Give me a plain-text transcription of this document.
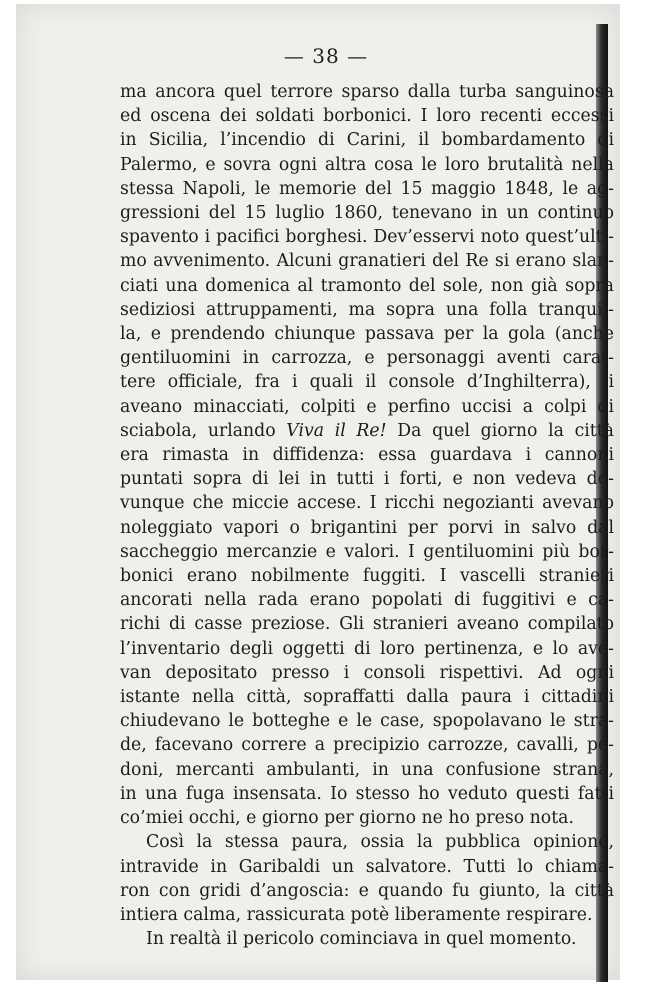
— 38 —
ma ancora quel terrore sparso dalla turba sanguinosa
ed oscena dei soldati borbonici. I loro recenti eccessi
in Sicilia, l’incendio di Carini, il bombardamento di
Palermo, e sovra ogni altra cosa le loro brutalità nella
stessa Napoli, le memorie del 15 maggio 1848, le ag-
gressioni del 15 luglio 1860, tenevano in un continuo
spavento i pacifici borghesi. Dev’esservi noto quest’ulti-
mo avvenimento. Alcuni granatieri del Re si erano slan-
ciati una domenica al tramonto del sole, non già sopra
sediziosi attruppamenti, ma sopra una folla tranquil-
la, e prendendo chiunque passava per la gola (anche
gentiluomini in carrozza, e personaggi aventi carat-
tere officiale, fra i quali il console d’Inghilterra), li
aveano minacciati, colpiti e perfino uccisi a colpi di
sciabola, urlando Viva il Re! Da quel giorno la città
era rimasta in diffidenza: essa guardava i cannoni
puntati sopra di lei in tutti i forti, e non vedeva do-
vunque che miccie accese. I ricchi negozianti avevano
noleggiato vapori o brigantini per porvi in salvo dal
saccheggio mercanzie e valori. I gentiluomini più bor-
bonici erano nobilmente fuggiti. I vascelli stranieri
ancorati nella rada erano popolati di fuggitivi e ca-
richi di casse preziose. Gli stranieri aveano compilato
l’inventario degli oggetti di loro pertinenza, e lo ave-
van depositato presso i consoli rispettivi. Ad ogni
istante nella città, sopraffatti dalla paura i cittadini
chiudevano le botteghe e le case, spopolavano le stra-
de, facevano correre a precipizio carrozze, cavalli, pe-
doni, mercanti ambulanti, in una confusione strana,
in una fuga insensata. Io stesso ho veduto questi fatti
co’miei occhi, e giorno per giorno ne ho preso nota.
Così la stessa paura, ossia la pubblica opinione,
intravide in Garibaldi un salvatore. Tutti lo chiama-
ron con gridi d’angoscia: e quando fu giunto, la città
intiera calma, rassicurata potè liberamente respirare.
In realtà il pericolo cominciava in quel momento.
